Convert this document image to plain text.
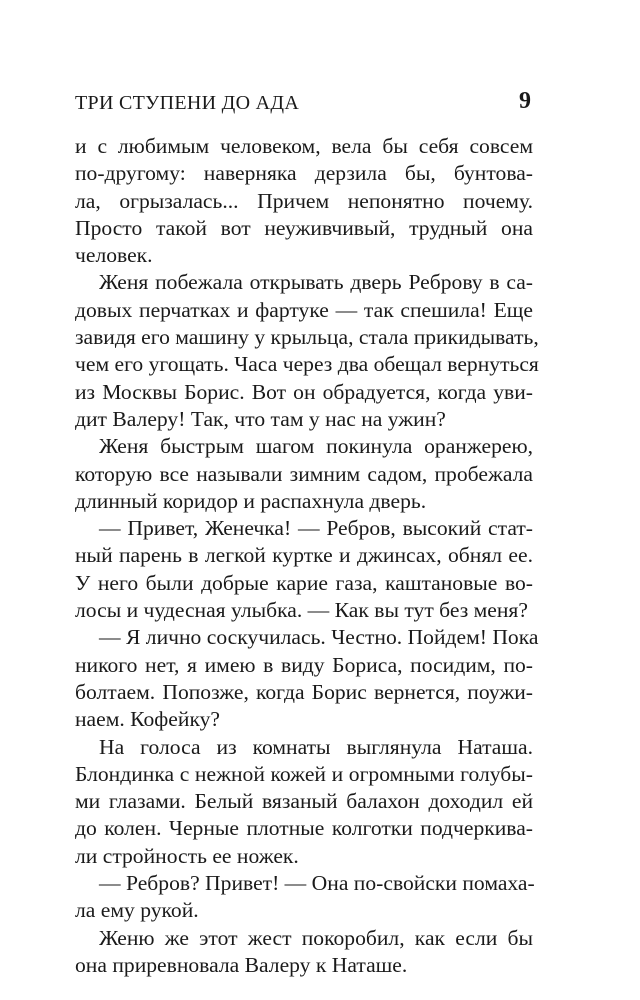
ТРИ СТУПЕНИ ДО АДА	9
и с любимым человеком, вела бы себя совсем
по-другому: наверняка дерзила бы, бунтова-
ла, огрызалась... Причем непонятно почему.
Просто такой вот неуживчивый, трудный она
человек.
Женя побежала открывать дверь Реброву в са-
довых перчатках и фартуке — так спешила! Еще
завидя его машину у крыльца, стала прикидывать,
чем его угощать. Часа через два обещал вернуться
из Москвы Борис. Вот он обрадуется, когда уви-
дит Валеру! Так, что там у нас на ужин?
Женя быстрым шагом покинула оранжерею,
которую все называли зимним садом, пробежала
длинный коридор и распахнула дверь.
— Привет, Женечка! — Ребров, высокий стат-
ный парень в легкой куртке и джинсах, обнял ее.
У него были добрые карие газа, каштановые во-
лосы и чудесная улыбка. — Как вы тут без меня?
— Я лично соскучилась. Честно. Пойдем! Пока
никого нет, я имею в виду Бориса, посидим, по-
болтаем. Попозже, когда Борис вернется, поужи-
наем. Кофейку?
На голоса из комнаты выглянула Наташа.
Блондинка с нежной кожей и огромными голубы-
ми глазами. Белый вязаный балахон доходил ей
до колен. Черные плотные колготки подчеркива-
ли стройность ее ножек.
— Ребров? Привет! — Она по-свойски помаха-
ла ему рукой.
Женю же этот жест покоробил, как если бы
она приревновала Валеру к Наташе.
